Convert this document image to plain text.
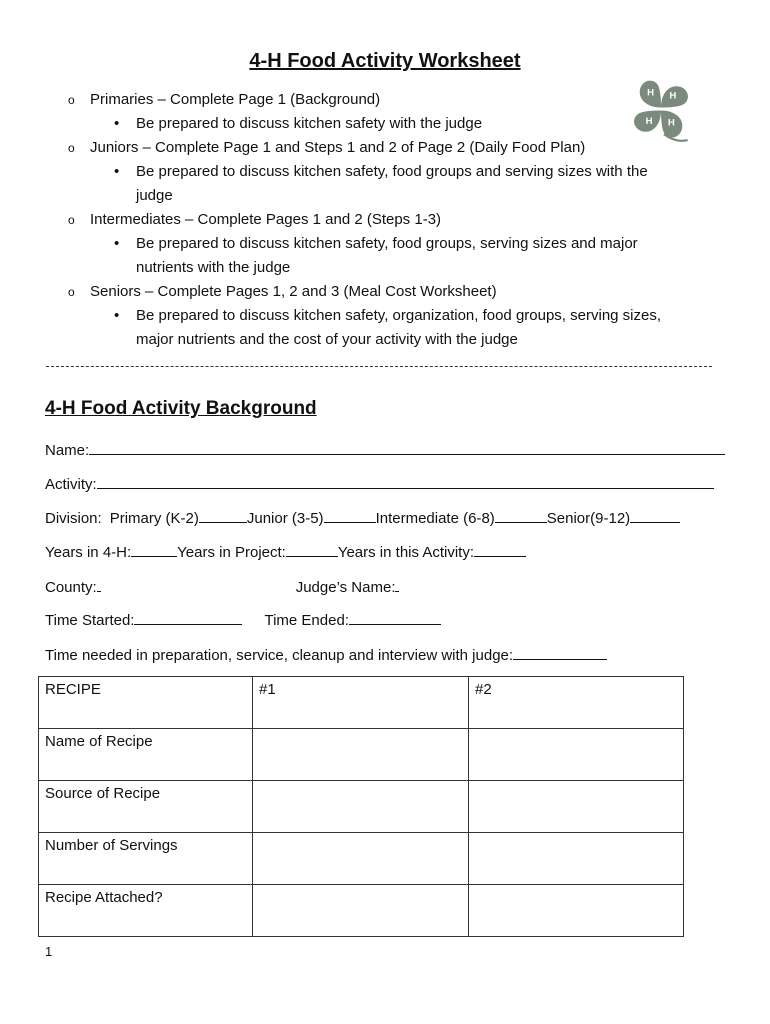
4-H Food Activity Worksheet
H H
H
H
o Primaries – Complete Page 1 (Background)
• Be prepared to discuss kitchen safety with the judge
o Juniors – Complete Page 1 and Steps 1 and 2 of Page 2 (Daily Food Plan)
• Be prepared to discuss kitchen safety, food groups and serving sizes with the
judge
o Intermediates – Complete Pages 1 and 2 (Steps 1-3)
• Be prepared to discuss kitchen safety, food groups, serving sizes and major
nutrients with the judge
o Seniors – Complete Pages 1, 2 and 3 (Meal Cost Worksheet)
• Be prepared to discuss kitchen safety, organization, food groups, serving sizes,
major nutrients and the cost of your activity with the judge
4-H Food Activity Background
Name:
Activity:
Division: Primary (K-2)	Junior (3-5)	Intermediate (6-8)	Senior(9-12)
Years in 4-H:	Years in Project:	Years in this Activity:
County:	Judge’s Name:
Time Started:	Time Ended:
Time needed in preparation, service, cleanup and interview with judge:
RECIPE	#1	#2
Name of Recipe		
Source of Recipe		
Number of Servings		
Recipe Attached?		
1
